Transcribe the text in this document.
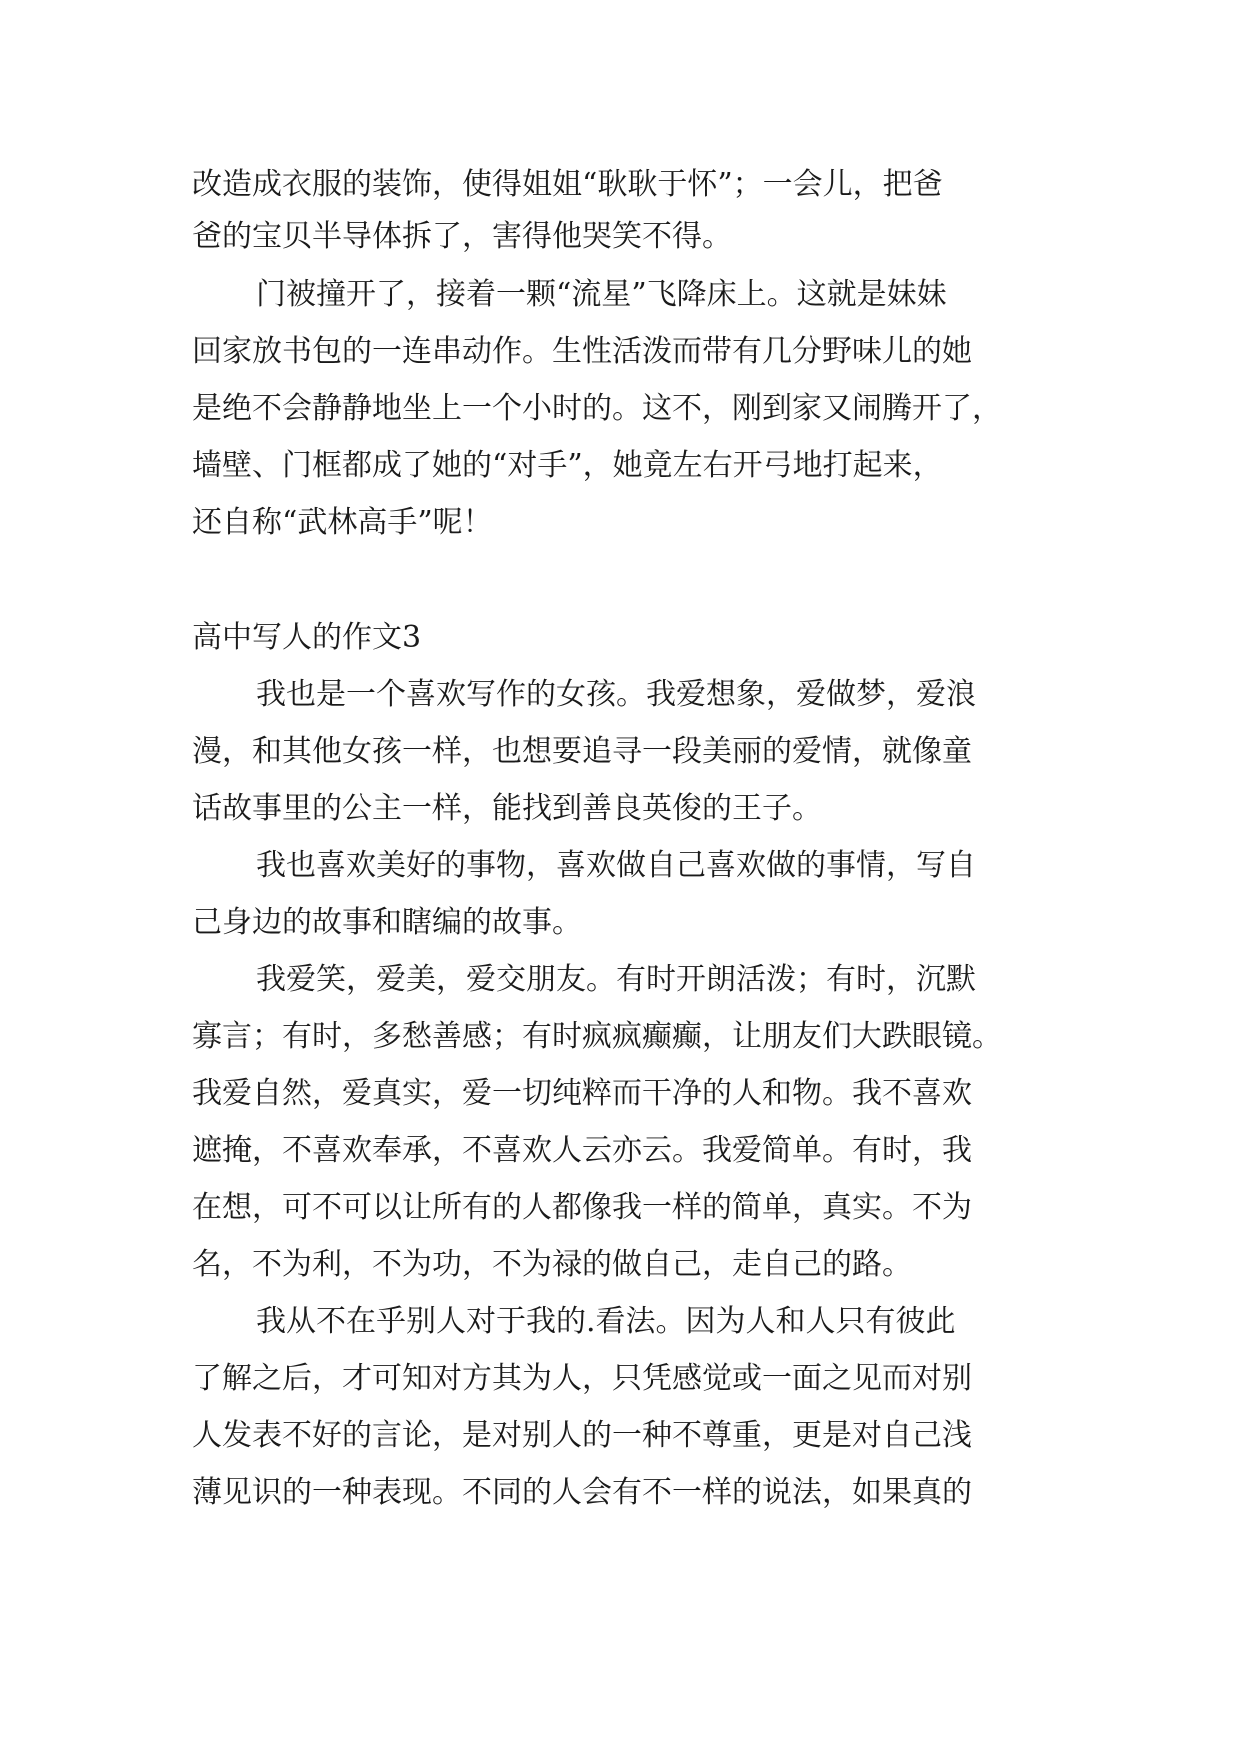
改造成衣服的装饰，使得姐姐“耿耿于怀”；一会儿，把爸
爸的宝贝半导体拆了，害得他哭笑不得。
门被撞开了，接着一颗“流星”飞降床上。这就是妹妹
回家放书包的一连串动作。生性活泼而带有几分野味儿的她
是绝不会静静地坐上一个小时的。这不，刚到家又闹腾开了，
墙壁、门框都成了她的“对手”，她竟左右开弓地打起来，
还自称“武林高手”呢！
高中写人的作文3
我也是一个喜欢写作的女孩。我爱想象，爱做梦，爱浪
漫，和其他女孩一样，也想要追寻一段美丽的爱情，就像童
话故事里的公主一样，能找到善良英俊的王子。
我也喜欢美好的事物，喜欢做自己喜欢做的事情，写自
己身边的故事和瞎编的故事。
我爱笑，爱美，爱交朋友。有时开朗活泼；有时，沉默
寡言；有时，多愁善感；有时疯疯癫癫，让朋友们大跌眼镜。
我爱自然，爱真实，爱一切纯粹而干净的人和物。我不喜欢
遮掩，不喜欢奉承，不喜欢人云亦云。我爱简单。有时，我
在想，可不可以让所有的人都像我一样的简单，真实。不为
名，不为利，不为功，不为禄的做自己，走自己的路。
我从不在乎别人对于我的.看法。因为人和人只有彼此
了解之后，才可知对方其为人，只凭感觉或一面之见而对别
人发表不好的言论，是对别人的一种不尊重，更是对自己浅
薄见识的一种表现。不同的人会有不一样的说法，如果真的
